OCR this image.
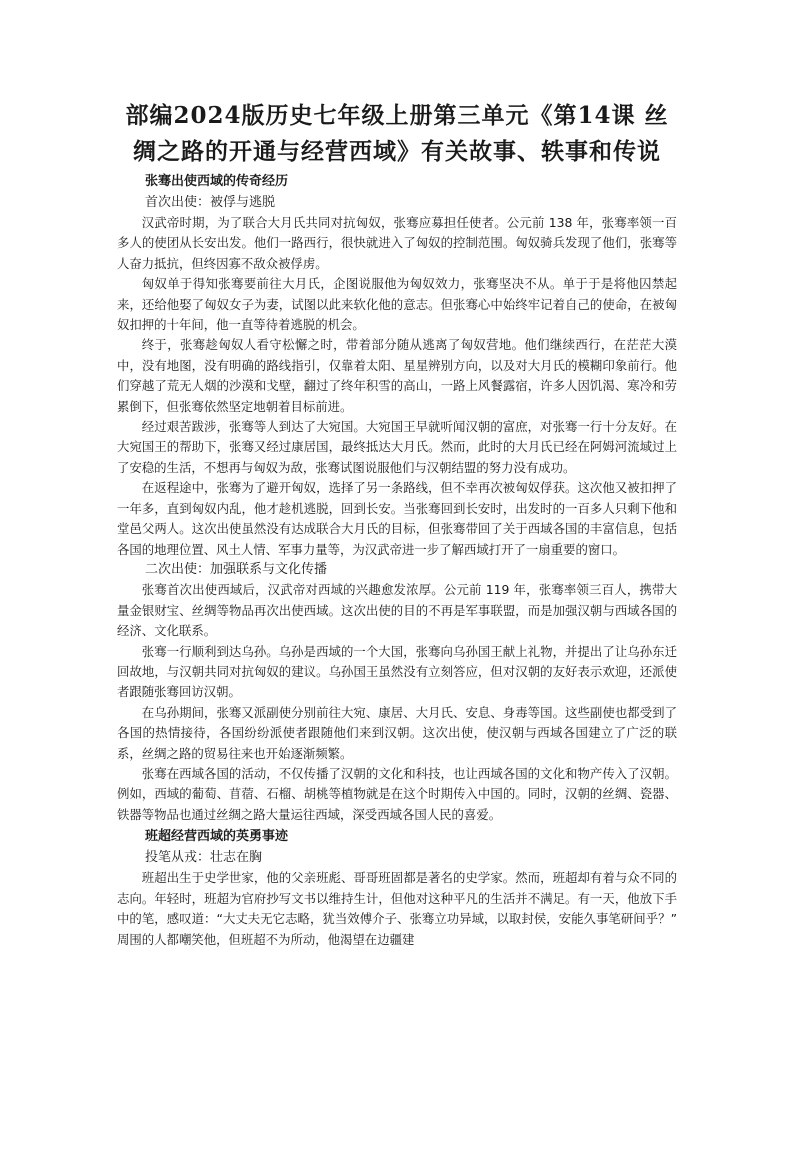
部编2024版历史七年级上册第三单元《第14课 丝
绸之路的开通与经营西域》有关故事、轶事和传说
张骞出使西域的传奇经历
首次出使：被俘与逃脱

汉武帝时期，为了联合大月氏共同对抗匈奴，张骞应募担任使者。公元前 138 年，张骞率领一百多人的使团从长安出发。他们一路西行，很快就进入了匈奴的控制范围。匈奴骑兵发现了他们，张骞等人奋力抵抗，但终因寡不敌众被俘虏。

匈奴单于得知张骞要前往大月氏，企图说服他为匈奴效力，张骞坚决不从。单于于是将他囚禁起来，还给他娶了匈奴女子为妻，试图以此来软化他的意志。但张骞心中始终牢记着自己的使命，在被匈奴扣押的十年间，他一直等待着逃脱的机会。

终于，张骞趁匈奴人看守松懈之时，带着部分随从逃离了匈奴营地。他们继续西行，在茫茫大漠中，没有地图，没有明确的路线指引，仅靠着太阳、星星辨别方向，以及对大月氏的模糊印象前行。他们穿越了荒无人烟的沙漠和戈壁，翻过了终年积雪的高山，一路上风餐露宿，许多人因饥渴、寒冷和劳累倒下，但张骞依然坚定地朝着目标前进。

经过艰苦跋涉，张骞等人到达了大宛国。大宛国王早就听闻汉朝的富庶，对张骞一行十分友好。在大宛国王的帮助下，张骞又经过康居国，最终抵达大月氏。然而，此时的大月氏已经在阿姆河流域过上了安稳的生活，不想再与匈奴为敌，张骞试图说服他们与汉朝结盟的努力没有成功。

在返程途中，张骞为了避开匈奴，选择了另一条路线，但不幸再次被匈奴俘获。这次他又被扣押了一年多，直到匈奴内乱，他才趁机逃脱，回到长安。当张骞回到长安时，出发时的一百多人只剩下他和堂邑父两人。这次出使虽然没有达成联合大月氏的目标，但张骞带回了关于西域各国的丰富信息，包括各国的地理位置、风土人情、军事力量等，为汉武帝进一步了解西域打开了一扇重要的窗口。

二次出使：加强联系与文化传播

张骞首次出使西域后，汉武帝对西域的兴趣愈发浓厚。公元前 119 年，张骞率领三百人，携带大量金银财宝、丝绸等物品再次出使西域。这次出使的目的不再是军事联盟，而是加强汉朝与西域各国的经济、文化联系。

张骞一行顺利到达乌孙。乌孙是西域的一个大国，张骞向乌孙国王献上礼物，并提出了让乌孙东迁回故地，与汉朝共同对抗匈奴的建议。乌孙国王虽然没有立刻答应，但对汉朝的友好表示欢迎，还派使者跟随张骞回访汉朝。

在乌孙期间，张骞又派副使分别前往大宛、康居、大月氏、安息、身毒等国。这些副使也都受到了各国的热情接待，各国纷纷派使者跟随他们来到汉朝。这次出使，使汉朝与西域各国建立了广泛的联系，丝绸之路的贸易往来也开始逐渐频繁。

张骞在西域各国的活动，不仅传播了汉朝的文化和科技，也让西域各国的文化和物产传入了汉朝。例如，西域的葡萄、苜蓿、石榴、胡桃等植物就是在这个时期传入中国的。同时，汉朝的丝绸、瓷器、铁器等物品也通过丝绸之路大量运往西域，深受西域各国人民的喜爱。

班超经营西域的英勇事迹
投笔从戎：壮志在胸

班超出生于史学世家，他的父亲班彪、哥哥班固都是著名的史学家。然而，班超却有着与众不同的志向。年轻时，班超为官府抄写文书以维持生计，但他对这种平凡的生活并不满足。有一天，他放下手中的笔，感叹道：“大丈夫无它志略，犹当效傅介子、张骞立功异域，以取封侯，安能久事笔研间乎？” 周围的人都嘲笑他，但班超不为所动，他渴望在边疆建
